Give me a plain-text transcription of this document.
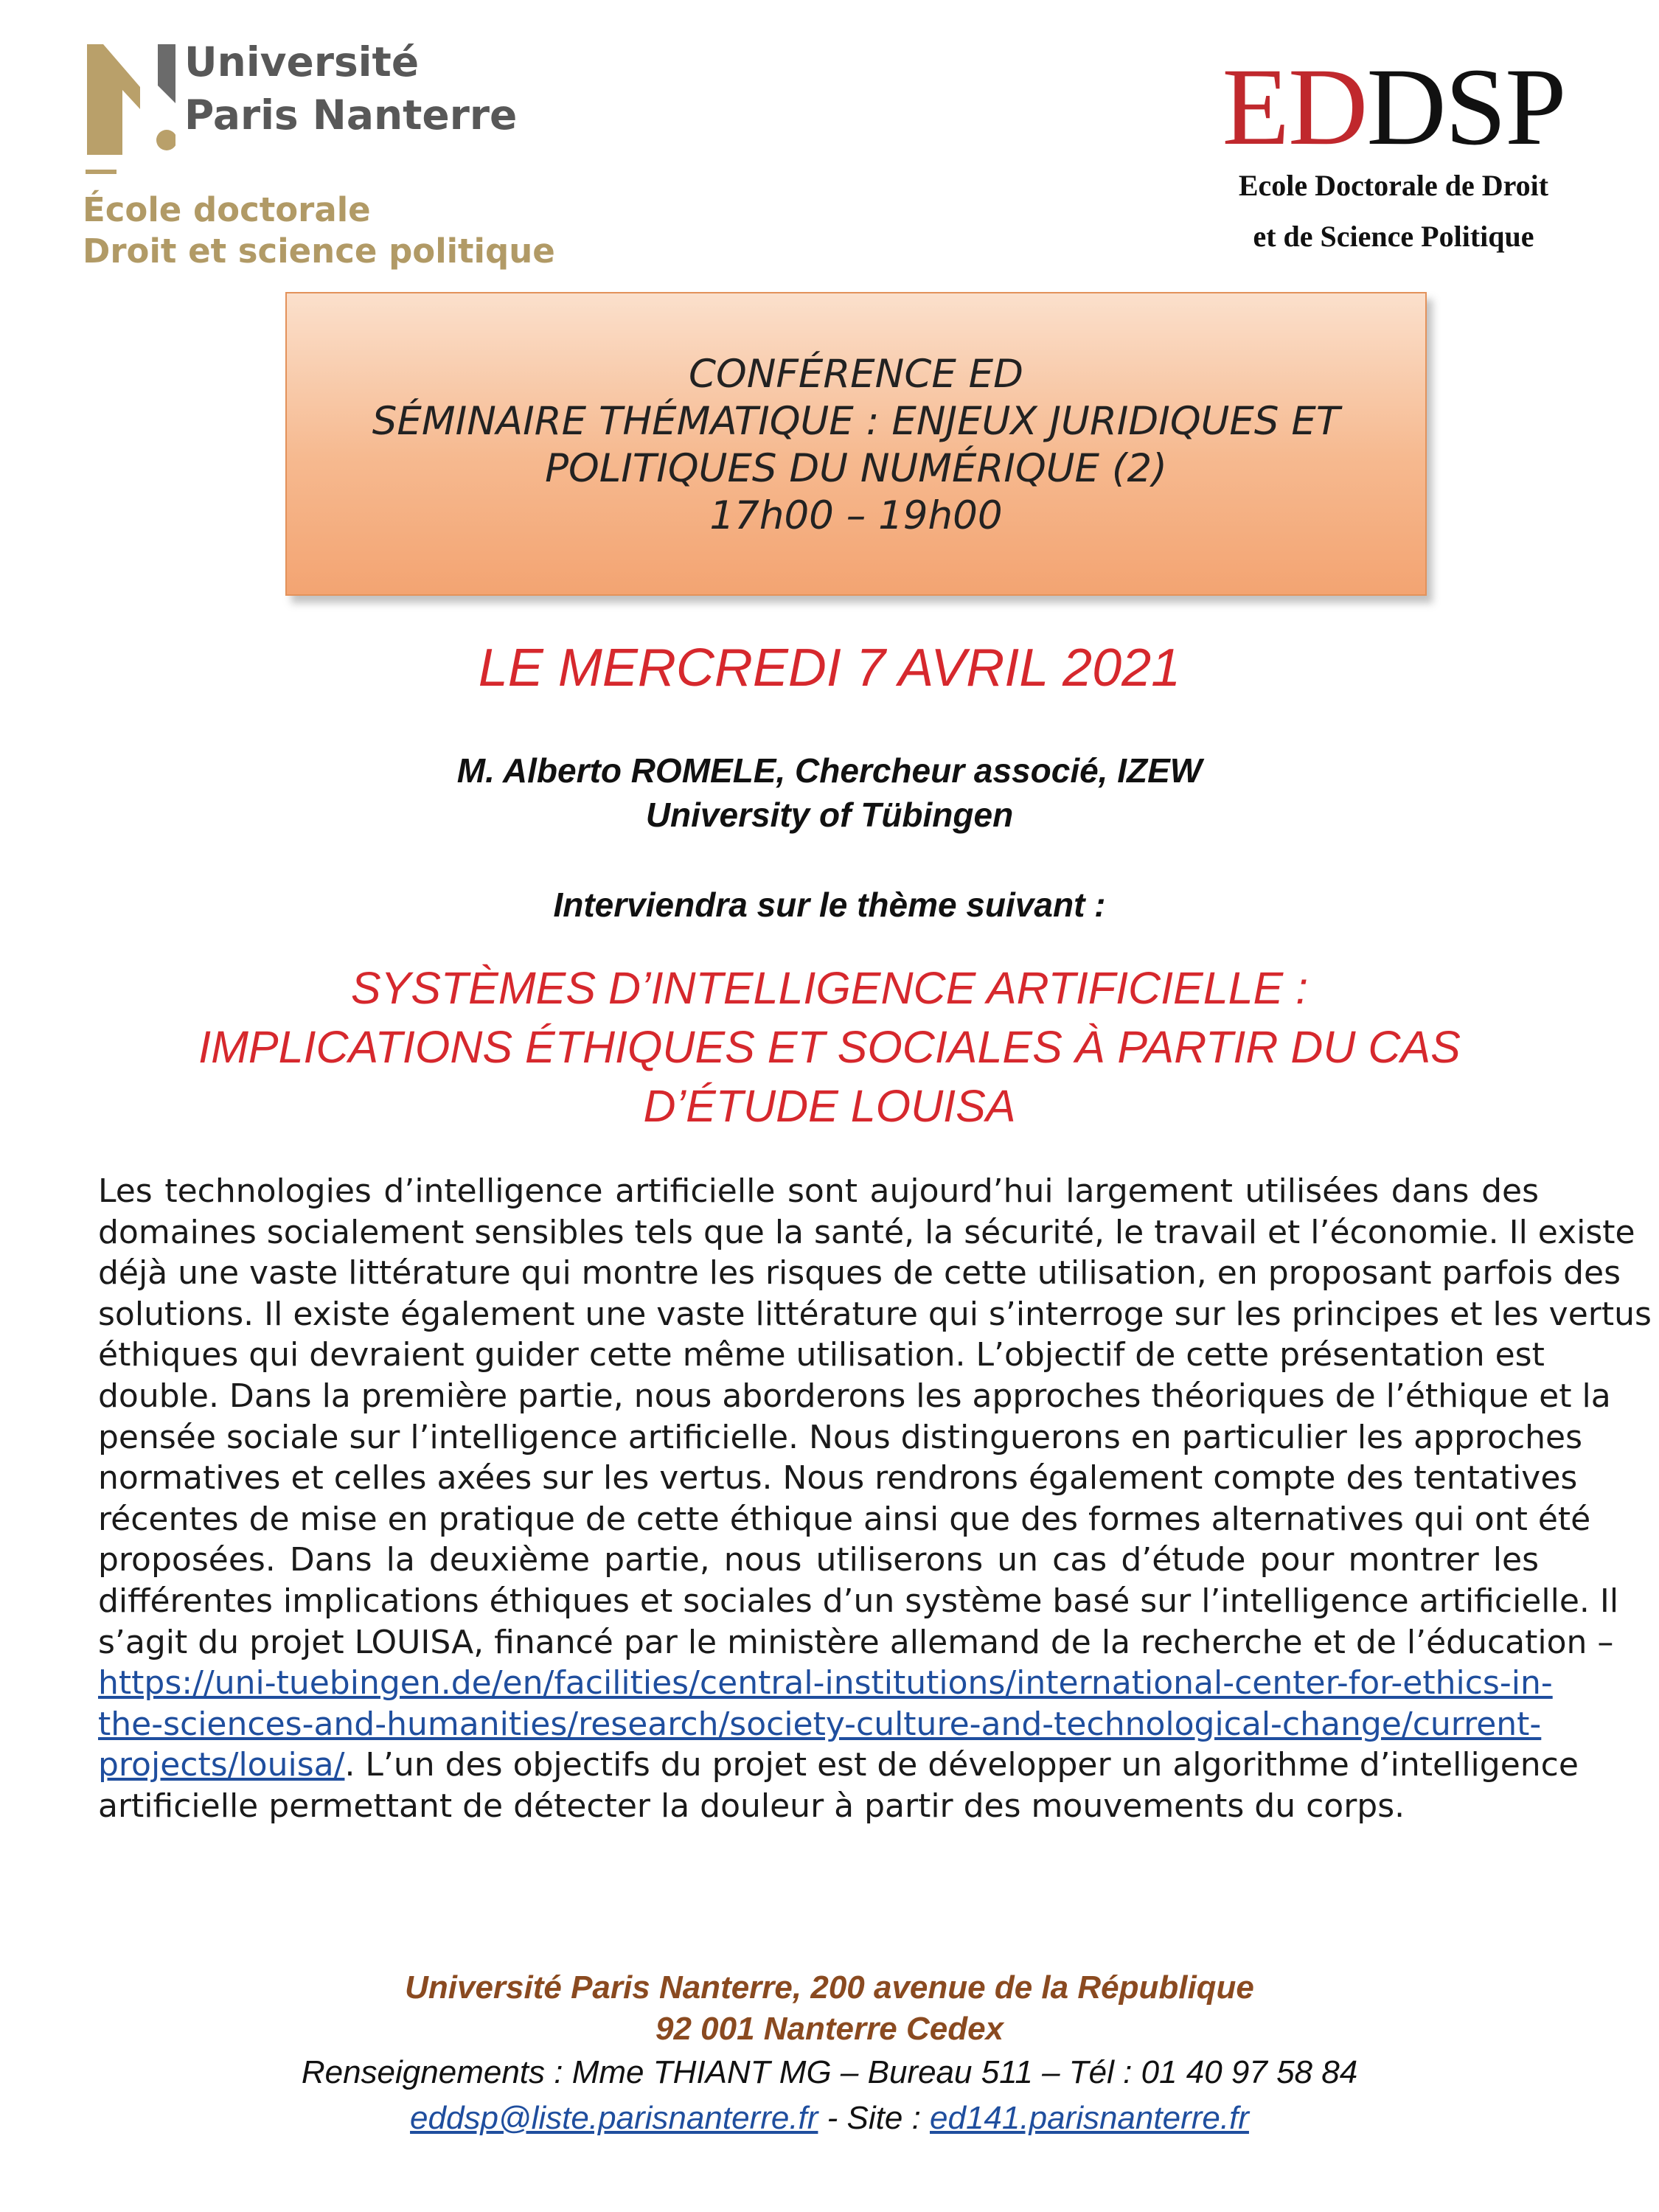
Université
Paris Nanterre
École doctorale
Droit et science politique
EDDSP
Ecole Doctorale de Droit
et de Science Politique
CONFÉRENCE ED
SÉMINAIRE THÉMATIQUE : ENJEUX JURIDIQUES ET
POLITIQUES DU NUMÉRIQUE (2)
17h00 – 19h00
LE MERCREDI 7 AVRIL 2021
M. Alberto ROMELE, Chercheur associé, IZEW
University of Tübingen
Interviendra sur le thème suivant :
SYSTÈMES D’INTELLIGENCE ARTIFICIELLE :
IMPLICATIONS ÉTHIQUES ET SOCIALES À PARTIR DU CAS
D’ÉTUDE LOUISA
Les technologies d’intelligence artificielle sont aujourd’hui largement utilisées dans des
domaines socialement sensibles tels que la santé, la sécurité, le travail et l’économie. Il existe
déjà une vaste littérature qui montre les risques de cette utilisation, en proposant parfois des
solutions. Il existe également une vaste littérature qui s’interroge sur les principes et les vertus
éthiques qui devraient guider cette même utilisation. L’objectif de cette présentation est
double. Dans la première partie, nous aborderons les approches théoriques de l’éthique et la
pensée sociale sur l’intelligence artificielle. Nous distinguerons en particulier les approches
normatives et celles axées sur les vertus. Nous rendrons également compte des tentatives
récentes de mise en pratique de cette éthique ainsi que des formes alternatives qui ont été
proposées. Dans la deuxième partie, nous utiliserons un cas d’étude pour montrer les
différentes implications éthiques et sociales d’un système basé sur l’intelligence artificielle. Il
s’agit du projet LOUISA, financé par le ministère allemand de la recherche et de l’éducation –
https://uni-tuebingen.de/en/facilities/central-institutions/international-center-for-ethics-in-
the-sciences-and-humanities/research/society-culture-and-technological-change/current-
projects/louisa/. L’un des objectifs du projet est de développer un algorithme d’intelligence
artificielle permettant de détecter la douleur à partir des mouvements du corps.
Université Paris Nanterre, 200 avenue de la République
92 001 Nanterre Cedex
Renseignements : Mme THIANT MG – Bureau 511 – Tél : 01 40 97 58 84
eddsp@liste.parisnanterre.fr - Site : ed141.parisnanterre.fr
